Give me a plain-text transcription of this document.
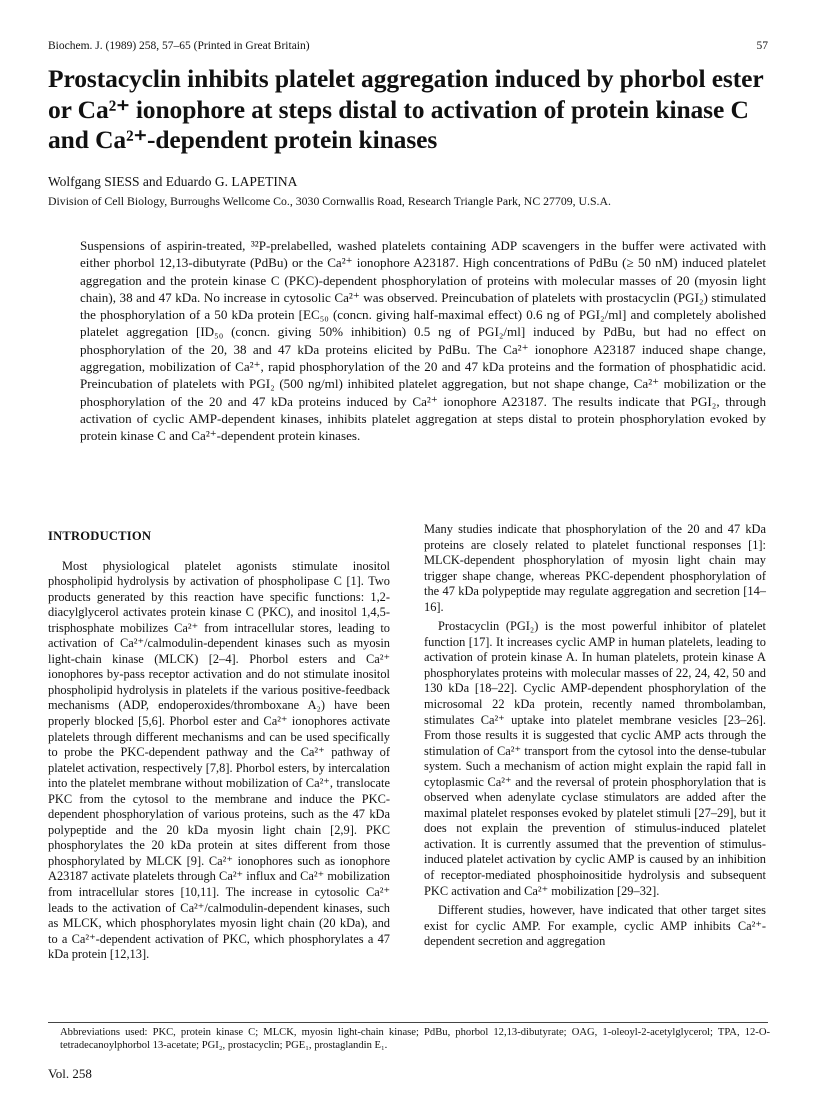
Biochem. J. (1989) 258, 57–65 (Printed in Great Britain)	57
Prostacyclin inhibits platelet aggregation induced by phorbol ester or Ca²⁺ ionophore at steps distal to activation of protein kinase C and Ca²⁺-dependent protein kinases
Wolfgang SIESS and Eduardo G. LAPETINA
Division of Cell Biology, Burroughs Wellcome Co., 3030 Cornwallis Road, Research Triangle Park, NC 27709, U.S.A.

Suspensions of aspirin-treated, ³²P-prelabelled, washed platelets containing ADP scavengers in the buffer were activated with either phorbol 12,13-dibutyrate (PdBu) or the Ca²⁺ ionophore A23187. High concentrations of PdBu (≥ 50 nM) induced platelet aggregation and the protein kinase C (PKC)-dependent phosphorylation of proteins with molecular masses of 20 (myosin light chain), 38 and 47 kDa. No increase in cytosolic Ca²⁺ was observed. Preincubation of platelets with prostacyclin (PGI₂) stimulated the phosphorylation of a 50 kDa protein [EC₅₀ (concn. giving half-maximal effect) 0.6 ng of PGI₂/ml] and completely abolished platelet aggregation [ID₅₀ (concn. giving 50% inhibition) 0.5 ng of PGI₂/ml] induced by PdBu, but had no effect on phosphorylation of the 20, 38 and 47 kDa proteins elicited by PdBu. The Ca²⁺ ionophore A23187 induced shape change, aggregation, mobilization of Ca²⁺, rapid phosphorylation of the 20 and 47 kDa proteins and the formation of phosphatidic acid. Preincubation of platelets with PGI₂ (500 ng/ml) inhibited platelet aggregation, but not shape change, Ca²⁺ mobilization or the phosphorylation of the 20 and 47 kDa proteins induced by Ca²⁺ ionophore A23187. The results indicate that PGI₂, through activation of cyclic AMP-dependent kinases, inhibits platelet aggregation at steps distal to protein phosphorylation evoked by protein kinase C and Ca²⁺-dependent protein kinases.

INTRODUCTION

Most physiological platelet agonists stimulate inositol phospholipid hydrolysis by activation of phospholipase C [1]. Two products generated by this reaction have specific functions: 1,2-diacylglycerol activates protein kinase C (PKC), and inositol 1,4,5-trisphosphate mobilizes Ca²⁺ from intracellular stores, leading to activation of Ca²⁺/calmodulin-dependent kinases such as myosin light-chain kinase (MLCK) [2–4]. Phorbol esters and Ca²⁺ ionophores by-pass receptor activation and do not stimulate inositol phospholipid hydrolysis in platelets if the various positive-feedback mechanisms (ADP, endoperoxides/thromboxane A₂) have been properly blocked [5,6]. Phorbol ester and Ca²⁺ ionophores activate platelets through different mechanisms and can be used specifically to probe the PKC-dependent pathway and the Ca²⁺ pathway of platelet activation, respectively [7,8]. Phorbol esters, by intercalation into the platelet membrane without mobilization of Ca²⁺, translocate PKC from the cytosol to the membrane and induce the PKC-dependent phosphorylation of various proteins, such as the 47 kDa polypeptide and the 20 kDa myosin light chain [2,9]. PKC phosphorylates the 20 kDa protein at sites different from those phosphorylated by MLCK [9]. Ca²⁺ ionophores such as ionophore A23187 activate platelets through Ca²⁺ influx and Ca²⁺ mobilization from intracellular stores [10,11]. The increase in cytosolic Ca²⁺ leads to the activation of Ca²⁺/calmodulin-dependent kinases, such as MLCK, which phosphorylates myosin light chain (20 kDa), and to a Ca²⁺-dependent activation of PKC, which phosphorylates a 47 kDa protein [12,13].

Many studies indicate that phosphorylation of the 20 and 47 kDa proteins are closely related to platelet functional responses [1]: MLCK-dependent phosphorylation of myosin light chain may trigger shape change, whereas PKC-dependent phosphorylation of the 47 kDa polypeptide may regulate aggregation and secretion [14–16].

Prostacyclin (PGI₂) is the most powerful inhibitor of platelet function [17]. It increases cyclic AMP in human platelets, leading to activation of protein kinase A. In human platelets, protein kinase A phosphorylates proteins with molecular masses of 22, 24, 42, 50 and 130 kDa [18–22]. Cyclic AMP-dependent phosphorylation of the microsomal 22 kDa protein, recently named thrombolamban, stimulates Ca²⁺ uptake into platelet membrane vesicles [23–26]. From those results it is suggested that cyclic AMP acts through the stimulation of Ca²⁺ transport from the cytosol into the dense-tubular system. Such a mechanism of action might explain the rapid fall in cytoplasmic Ca²⁺ and the reversal of protein phosphorylation that is observed when adenylate cyclase stimulators are added after the maximal platelet responses evoked by platelet stimuli [27–29], but it does not explain the prevention of stimulus-induced platelet activation. It is currently assumed that the prevention of stimulus-induced platelet activation by cyclic AMP is caused by an inhibition of receptor-mediated phosphoinositide hydrolysis and subsequent PKC activation and Ca²⁺ mobilization [29–32].

Different studies, however, have indicated that other target sites exist for cyclic AMP. For example, cyclic AMP inhibits Ca²⁺-dependent secretion and aggregation

Abbreviations used: PKC, protein kinase C; MLCK, myosin light-chain kinase; PdBu, phorbol 12,13-dibutyrate; OAG, 1-oleoyl-2-acetylglycerol; TPA, 12-O-tetradecanoylphorbol 13-acetate; PGI₂, prostacyclin; PGE₁, prostaglandin E₁.

Vol. 258
